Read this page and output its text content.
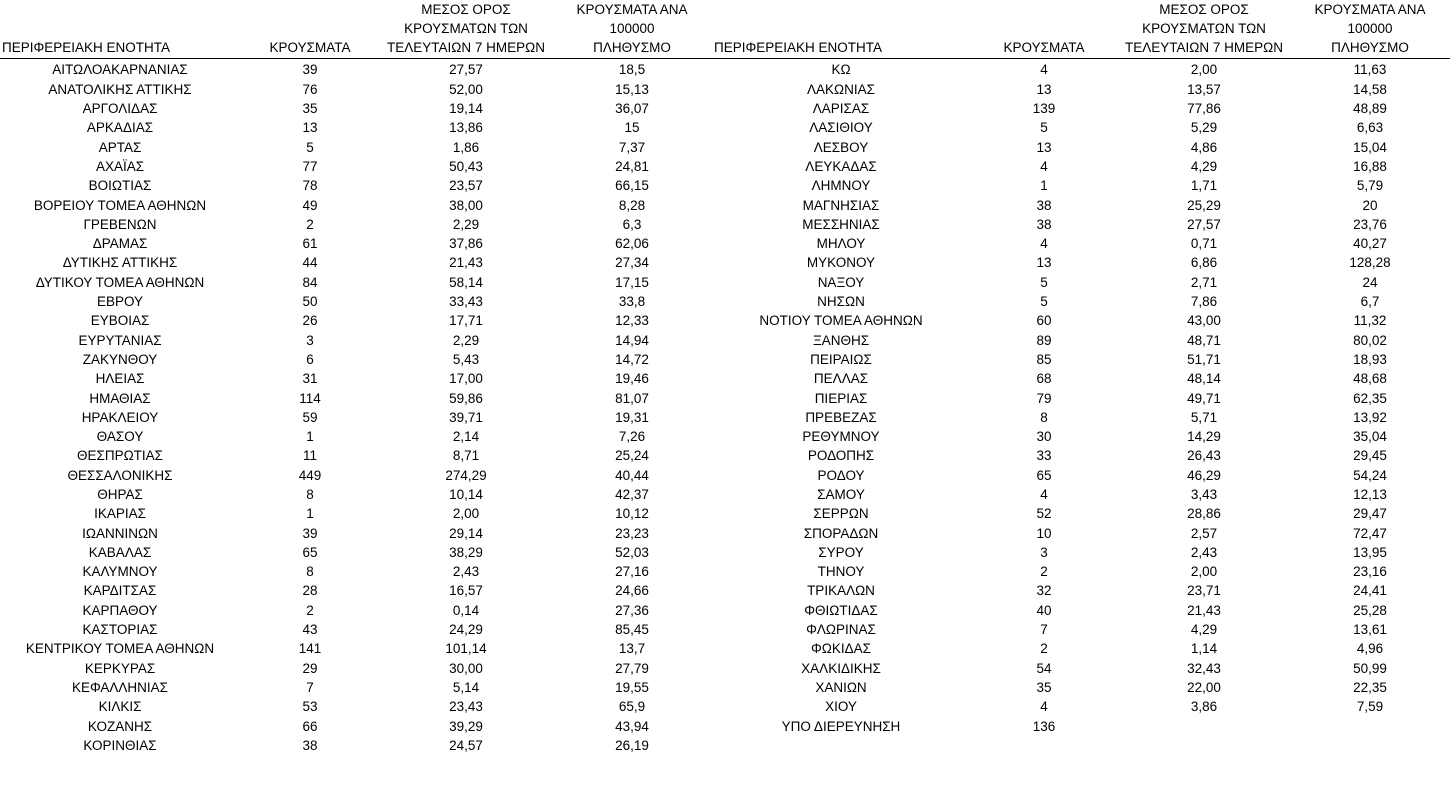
ΠΕΡΙΦΕΡΕΙΑΚΗ ΕΝΟΤΗΤΑ	ΚΡΟΥΣΜΑΤΑ	ΜΕΣΟΣ ΟΡΟΣ
ΚΡΟΥΣΜΑΤΩΝ ΤΩΝ
ΤΕΛΕΥΤΑΙΩΝ 7 ΗΜΕΡΩΝ	ΚΡΟΥΣΜΑΤΑ ΑΝΑ 100000
ΠΛΗΘΥΣΜΟ

ΑΙΤΩΛΟΑΚΑΡΝΑΝΙΑΣ	39	27,57	18,5
ΑΝΑΤΟΛΙΚΗΣ ΑΤΤΙΚΗΣ	76	52,00	15,13
ΑΡΓΟΛΙΔΑΣ	35	19,14	36,07
ΑΡΚΑΔΙΑΣ	13	13,86	15
ΑΡΤΑΣ	5	1,86	7,37
ΑΧΑΪΑΣ	77	50,43	24,81
ΒΟΙΩΤΙΑΣ	78	23,57	66,15
ΒΟΡΕΙΟΥ ΤΟΜΕΑ ΑΘΗΝΩΝ	49	38,00	8,28
ΓΡΕΒΕΝΩΝ	2	2,29	6,3
ΔΡΑΜΑΣ	61	37,86	62,06
ΔΥΤΙΚΗΣ ΑΤΤΙΚΗΣ	44	21,43	27,34
ΔΥΤΙΚΟΥ ΤΟΜΕΑ ΑΘΗΝΩΝ	84	58,14	17,15
ΕΒΡΟΥ	50	33,43	33,8
ΕΥΒΟΙΑΣ	26	17,71	12,33
ΕΥΡΥΤΑΝΙΑΣ	3	2,29	14,94
ΖΑΚΥΝΘΟΥ	6	5,43	14,72
ΗΛΕΙΑΣ	31	17,00	19,46
ΗΜΑΘΙΑΣ	114	59,86	81,07
ΗΡΑΚΛΕΙΟΥ	59	39,71	19,31
ΘΑΣΟΥ	1	2,14	7,26
ΘΕΣΠΡΩΤΙΑΣ	11	8,71	25,24
ΘΕΣΣΑΛΟΝΙΚΗΣ	449	274,29	40,44
ΘΗΡΑΣ	8	10,14	42,37
ΙΚΑΡΙΑΣ	1	2,00	10,12
ΙΩΑΝΝΙΝΩΝ	39	29,14	23,23
ΚΑΒΑΛΑΣ	65	38,29	52,03
ΚΑΛΥΜΝΟΥ	8	2,43	27,16
ΚΑΡΔΙΤΣΑΣ	28	16,57	24,66
ΚΑΡΠΑΘΟΥ	2	0,14	27,36
ΚΑΣΤΟΡΙΑΣ	43	24,29	85,45
ΚΕΝΤΡΙΚΟΥ ΤΟΜΕΑ ΑΘΗΝΩΝ	141	101,14	13,7
ΚΕΡΚΥΡΑΣ	29	30,00	27,79
ΚΕΦΑΛΛΗΝΙΑΣ	7	5,14	19,55
ΚΙΛΚΙΣ	53	23,43	65,9
ΚΟΖΑΝΗΣ	66	39,29	43,94
ΚΟΡΙΝΘΙΑΣ	38	24,57	26,19
ΠΕΡΙΦΕΡΕΙΑΚΗ ΕΝΟΤΗΤΑ	ΚΡΟΥΣΜΑΤΑ	ΜΕΣΟΣ ΟΡΟΣ
ΚΡΟΥΣΜΑΤΩΝ ΤΩΝ
ΤΕΛΕΥΤΑΙΩΝ 7 ΗΜΕΡΩΝ	ΚΡΟΥΣΜΑΤΑ ΑΝΑ 100000
ΠΛΗΘΥΣΜΟ

ΚΩ	4	2,00	11,63
ΛΑΚΩΝΙΑΣ	13	13,57	14,58
ΛΑΡΙΣΑΣ	139	77,86	48,89
ΛΑΣΙΘΙΟΥ	5	5,29	6,63
ΛΕΣΒΟΥ	13	4,86	15,04
ΛΕΥΚΑΔΑΣ	4	4,29	16,88
ΛΗΜΝΟΥ	1	1,71	5,79
ΜΑΓΝΗΣΙΑΣ	38	25,29	20
ΜΕΣΣΗΝΙΑΣ	38	27,57	23,76
ΜΗΛΟΥ	4	0,71	40,27
ΜΥΚΟΝΟΥ	13	6,86	128,28
ΝΑΞΟΥ	5	2,71	24
ΝΗΣΩΝ	5	7,86	6,7
ΝΟΤΙΟΥ ΤΟΜΕΑ ΑΘΗΝΩΝ	60	43,00	11,32
ΞΑΝΘΗΣ	89	48,71	80,02
ΠΕΙΡΑΙΩΣ	85	51,71	18,93
ΠΕΛΛΑΣ	68	48,14	48,68
ΠΙΕΡΙΑΣ	79	49,71	62,35
ΠΡΕΒΕΖΑΣ	8	5,71	13,92
ΡΕΘΥΜΝΟΥ	30	14,29	35,04
ΡΟΔΟΠΗΣ	33	26,43	29,45
ΡΟΔΟΥ	65	46,29	54,24
ΣΑΜΟΥ	4	3,43	12,13
ΣΕΡΡΩΝ	52	28,86	29,47
ΣΠΟΡΑΔΩΝ	10	2,57	72,47
ΣΥΡΟΥ	3	2,43	13,95
ΤΗΝΟΥ	2	2,00	23,16
ΤΡΙΚΑΛΩΝ	32	23,71	24,41
ΦΘΙΩΤΙΔΑΣ	40	21,43	25,28
ΦΛΩΡΙΝΑΣ	7	4,29	13,61
ΦΩΚΙΔΑΣ	2	1,14	4,96
ΧΑΛΚΙΔΙΚΗΣ	54	32,43	50,99
ΧΑΝΙΩΝ	35	22,00	22,35
ΧΙΟΥ	4	3,86	7,59
ΥΠΟ ΔΙΕΡΕΥΝΗΣΗ	136		
